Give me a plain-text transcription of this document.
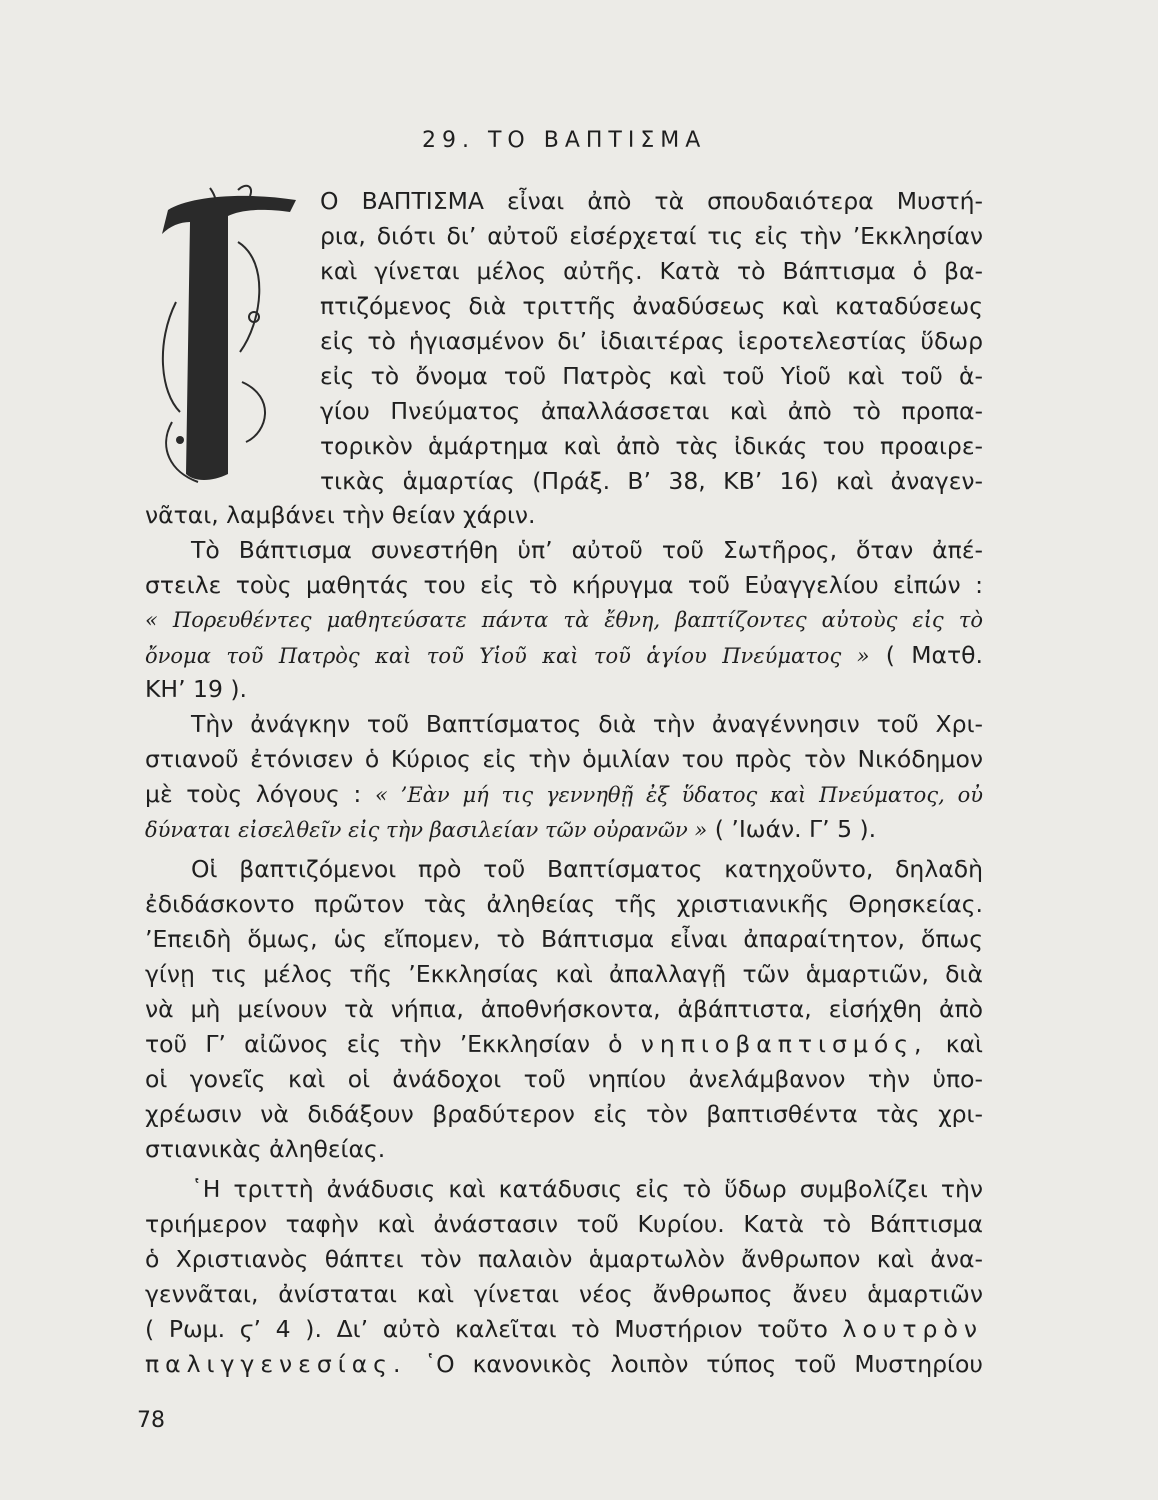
29. ΤΟ ΒΑΠΤΙΣΜΑ
Ο ΒΑΠΤΙΣΜΑ εἶναι ἀπὸ τὰ σπουδαιότερα Μυστή-
ρια, διότι δι’ αὐτοῦ εἰσέρχεταί τις εἰς τὴν ’Εκκλησίαν
καὶ γίνεται μέλος αὐτῆς. Κατὰ τὸ Βάπτισμα ὁ βα-
πτιζόμενος διὰ τριττῆς ἀναδύσεως καὶ καταδύσεως
εἰς τὸ ἡγιασμένον δι’ ἰδιαιτέρας ἱεροτελεστίας ὕδωρ
εἰς τὸ ὄνομα τοῦ Πατρὸς καὶ τοῦ Υἱοῦ καὶ τοῦ ἁ-
γίου Πνεύματος ἀπαλλάσσεται καὶ ἀπὸ τὸ προπα-
τορικὸν ἁμάρτημα καὶ ἀπὸ τὰς ἰδικάς του προαιρε-
τικὰς ἁμαρτίας (Πράξ. Β’ 38, ΚΒ’ 16) καὶ ἀναγεν-
νᾶται, λαμβάνει τὴν θείαν χάριν.
Τὸ Βάπτισμα συνεστήθη ὑπ’ αὐτοῦ τοῦ Σωτῆρος, ὅταν ἀπέ-
στειλε τοὺς μαθητάς του εἰς τὸ κήρυγμα τοῦ Εὐαγγελίου εἰπών :
« Πορευθέντες μαθητεύσατε πάντα τὰ ἔθνη, βαπτίζοντες αὐτοὺς εἰς τὸ
ὄνομα τοῦ Πατρὸς καὶ τοῦ Υἱοῦ καὶ τοῦ ἁγίου Πνεύματος » ( Ματθ.
ΚΗ’ 19 ).
Τὴν ἀνάγκην τοῦ Βαπτίσματος διὰ τὴν ἀναγέννησιν τοῦ Χρι-
στιανοῦ ἐτόνισεν ὁ Κύριος εἰς τὴν ὁμιλίαν του πρὸς τὸν Νικόδημον
μὲ τοὺς λόγους : « ’Εὰν μή τις γεννηθῇ ἐξ ὕδατος καὶ Πνεύματος, οὐ
δύναται εἰσελθεῖν εἰς τὴν βασιλείαν τῶν οὐρανῶν » ( ’Ιωάν. Γ’ 5 ).
Οἱ βαπτιζόμενοι πρὸ τοῦ Βαπτίσματος κατηχοῦντο, δηλαδὴ
ἐδιδάσκοντο πρῶτον τὰς ἀληθείας τῆς χριστιανικῆς Θρησκείας.
’Επειδὴ ὅμως, ὡς εἴπομεν, τὸ Βάπτισμα εἶναι ἀπαραίτητον, ὅπως
γίνῃ τις μέλος τῆς ’Εκκλησίας καὶ ἀπαλλαγῇ τῶν ἁμαρτιῶν, διὰ
νὰ μὴ μείνουν τὰ νήπια, ἀποθνήσκοντα, ἀβάπτιστα, εἰσήχθη ἀπὸ
τοῦ Γ’ αἰῶνος εἰς τὴν ’Εκκλησίαν ὁ νηπιοβαπτισμός, καὶ
οἱ γονεῖς καὶ οἱ ἀνάδοχοι τοῦ νηπίου ἀνελάμβανον τὴν ὑπο-
χρέωσιν νὰ διδάξουν βραδύτερον εἰς τὸν βαπτισθέντα τὰς χρι-
στιανικὰς ἀληθείας.
῾Η τριττὴ ἀνάδυσις καὶ κατάδυσις εἰς τὸ ὕδωρ συμβολίζει τὴν
τριήμερον ταφὴν καὶ ἀνάστασιν τοῦ Κυρίου. Κατὰ τὸ Βάπτισμα
ὁ Χριστιανὸς θάπτει τὸν παλαιὸν ἁμαρτωλὸν ἄνθρωπον καὶ ἀνα-
γεννᾶται, ἀνίσταται καὶ γίνεται νέος ἄνθρωπος ἄνευ ἁμαρτιῶν
( Ρωμ. ϛ’ 4 ). Δι’ αὐτὸ καλεῖται τὸ Μυστήριον τοῦτο λουτρὸν
παλιγγενεσίας. ῾Ο κανονικὸς λοιπὸν τύπος τοῦ Μυστηρίου

78
